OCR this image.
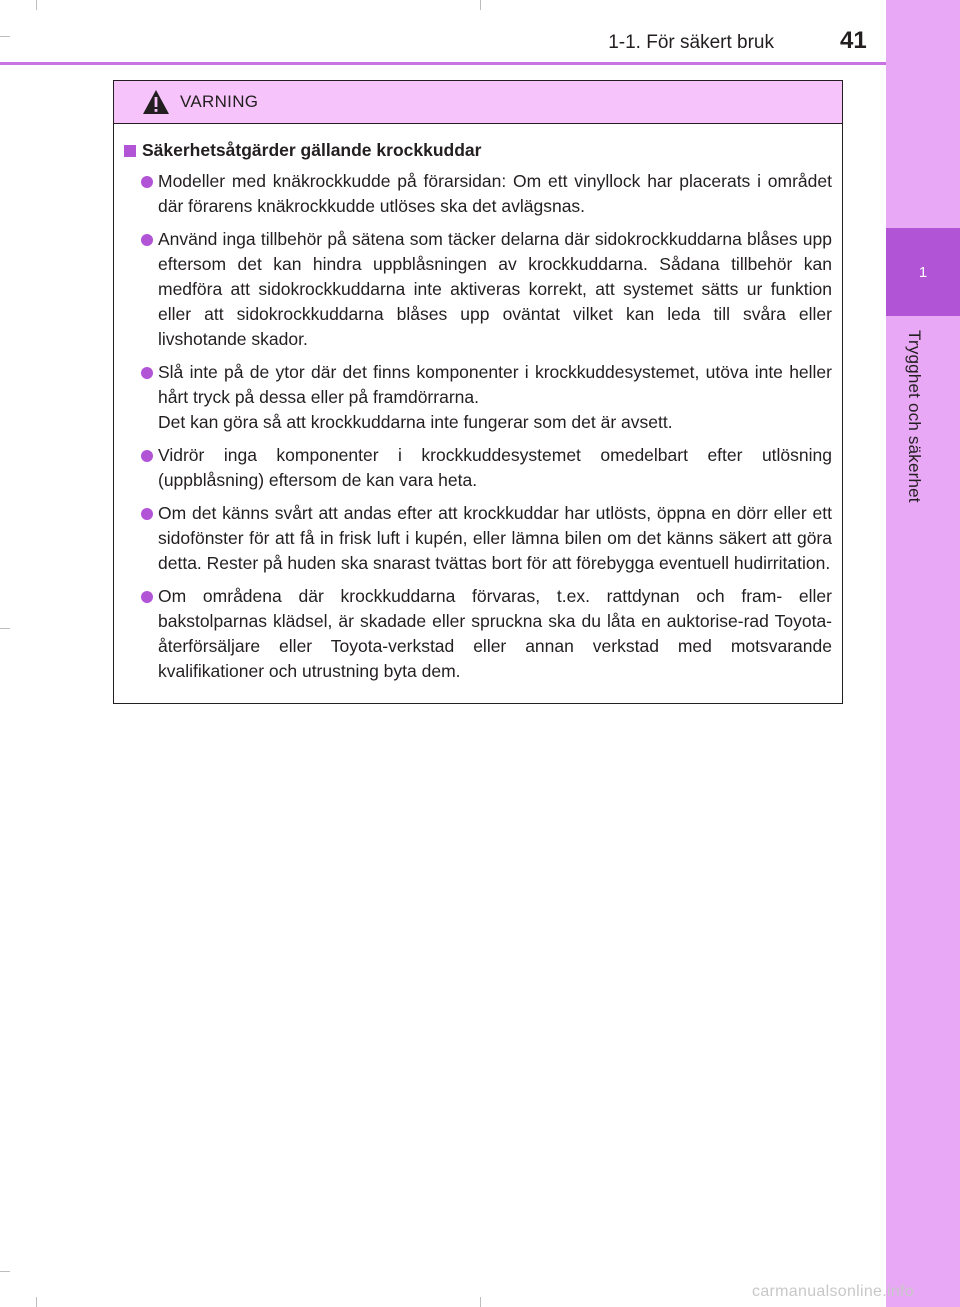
1
Trygghet och säkerhet
1-1. För säkert bruk	41
VARNING
Säkerhetsåtgärder gällande krockkuddar
Modeller med knäkrockkudde på förarsidan: Om ett vinyllock har placerats i området där förarens knäkrockkudde utlöses ska det avlägsnas.
Använd inga tillbehör på sätena som täcker delarna där sidokrockkuddarna blåses upp eftersom det kan hindra uppblåsningen av krockkuddarna. Sådana tillbehör kan medföra att sidokrockkuddarna inte aktiveras korrekt, att systemet sätts ur funktion eller att sidokrockkuddarna blåses upp oväntat vilket kan leda till svåra eller livshotande skador.
Slå inte på de ytor där det finns komponenter i krockkuddesystemet, utöva inte heller hårt tryck på dessa eller på framdörrarna.
Det kan göra så att krockkuddarna inte fungerar som det är avsett.
Vidrör inga komponenter i krockkuddesystemet omedelbart efter utlösning (uppblåsning) eftersom de kan vara heta.
Om det känns svårt att andas efter att krockkuddar har utlösts, öppna en dörr eller ett sidofönster för att få in frisk luft i kupén, eller lämna bilen om det känns säkert att göra detta. Rester på huden ska snarast tvättas bort för att förebygga eventuell hudirritation.
Om områdena där krockkuddarna förvaras, t.ex. rattdynan och fram- eller bakstolparnas klädsel, är skadade eller spruckna ska du låta en auktorise-rad Toyota-återförsäljare eller Toyota-verkstad eller annan verkstad med motsvarande kvalifikationer och utrustning byta dem.
carmanualsonline.info
